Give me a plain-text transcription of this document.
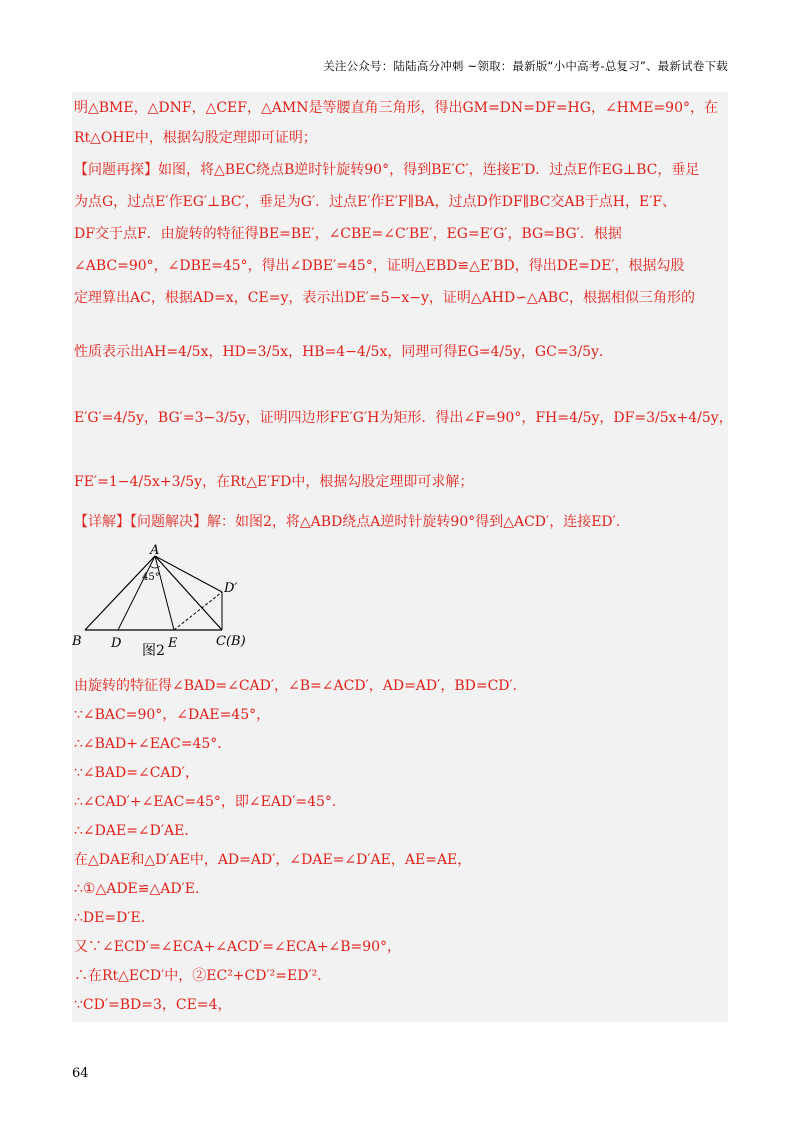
关注公众号：陆陆高分冲刺 ~领取：最新版“小中高考-总复习”、最新试卷下载
明△BME，△DNF，△CEF，△AMN是等腰直角三角形，得出GM=DN=DF=HG，∠HME=90°，在
Rt△OHE中，根据勾股定理即可证明；
【问题再探】如图，将△BEC绕点B逆时针旋转90°，得到BE′C′，连接E′D．过点E作EG⊥BC，垂足
为点G，过点E′作EG′⊥BC′，垂足为G′．过点E′作E′F∥BA，过点D作DF∥BC交AB于点H，E′F、
DF交于点F．由旋转的特征得BE=BE′，∠CBE=∠C′BE′，EG=E′G′，BG=BG′．根据
∠ABC=90°，∠DBE=45°，得出∠DBE′=45°，证明△EBD≌△E′BD，得出DE=DE′，根据勾股
定理算出AC，根据AD=x，CE=y，表示出DE′=5−x−y，证明△AHD∽△ABC，根据相似三角形的
性质表示出AH=4/5x，HD=3/5x，HB=4−4/5x，同理可得EG=4/5y，GC=3/5y．
E′G′=4/5y，BG′=3−3/5y，证明四边形FE′G′H为矩形．得出∠F=90°，FH=4/5y，DF=3/5x+4/5y，
FE′=1−4/5x+3/5y，在Rt△E′FD中，根据勾股定理即可求解；
【详解】【问题解决】解：如图2，将△ABD绕点A逆时针旋转90°得到△ACD′，连接ED′．
A
45°
D′
B D	E	C(B)
图2
由旋转的特征得∠BAD=∠CAD′，∠B=∠ACD′，AD=AD′，BD=CD′．
∵∠BAC=90°，∠DAE=45°，
∴∠BAD+∠EAC=45°．
∵∠BAD=∠CAD′，
∴∠CAD′+∠EAC=45°，即∠EAD′=45°．
∴∠DAE=∠D′AE．
在△DAE和△D′AE中，AD=AD′，∠DAE=∠D′AE，AE=AE，
∴①△ADE≌△AD′E．
∴DE=D′E．
又∵∠ECD′=∠ECA+∠ACD′=∠ECA+∠B=90°，
∴在Rt△ECD′中，②EC²+CD′²=ED′²．
∵CD′=BD=3，CE=4，
64
